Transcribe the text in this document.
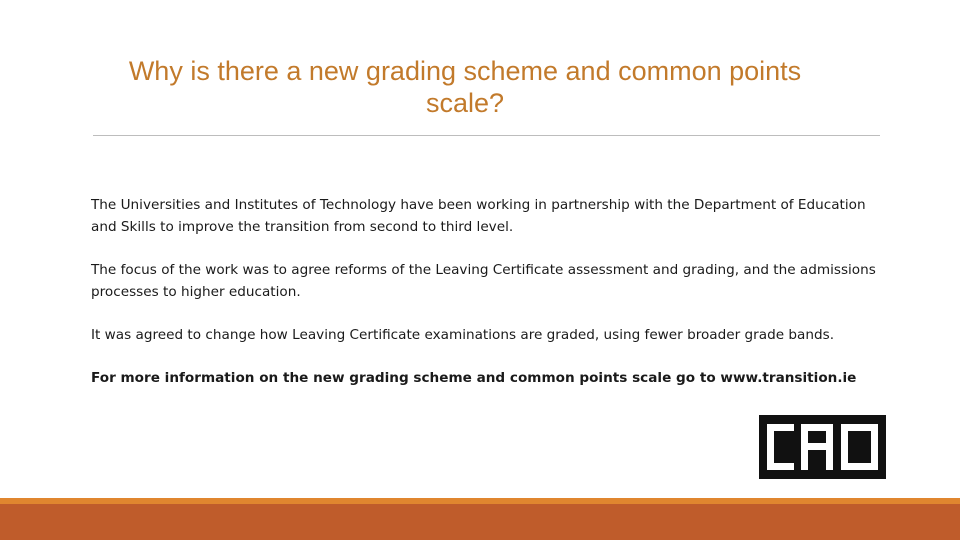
Why is there a new grading scheme and common points
scale?

The Universities and Institutes of Technology have been working in partnership with the Department of Education and Skills to improve the transition from second to third level.

The focus of the work was to agree reforms of the Leaving Certificate assessment and grading, and the admissions processes to higher education.

It was agreed to change how Leaving Certificate examinations are graded, using fewer broader grade bands.

For more information on the new grading scheme and common points scale go to www.transition.ie
